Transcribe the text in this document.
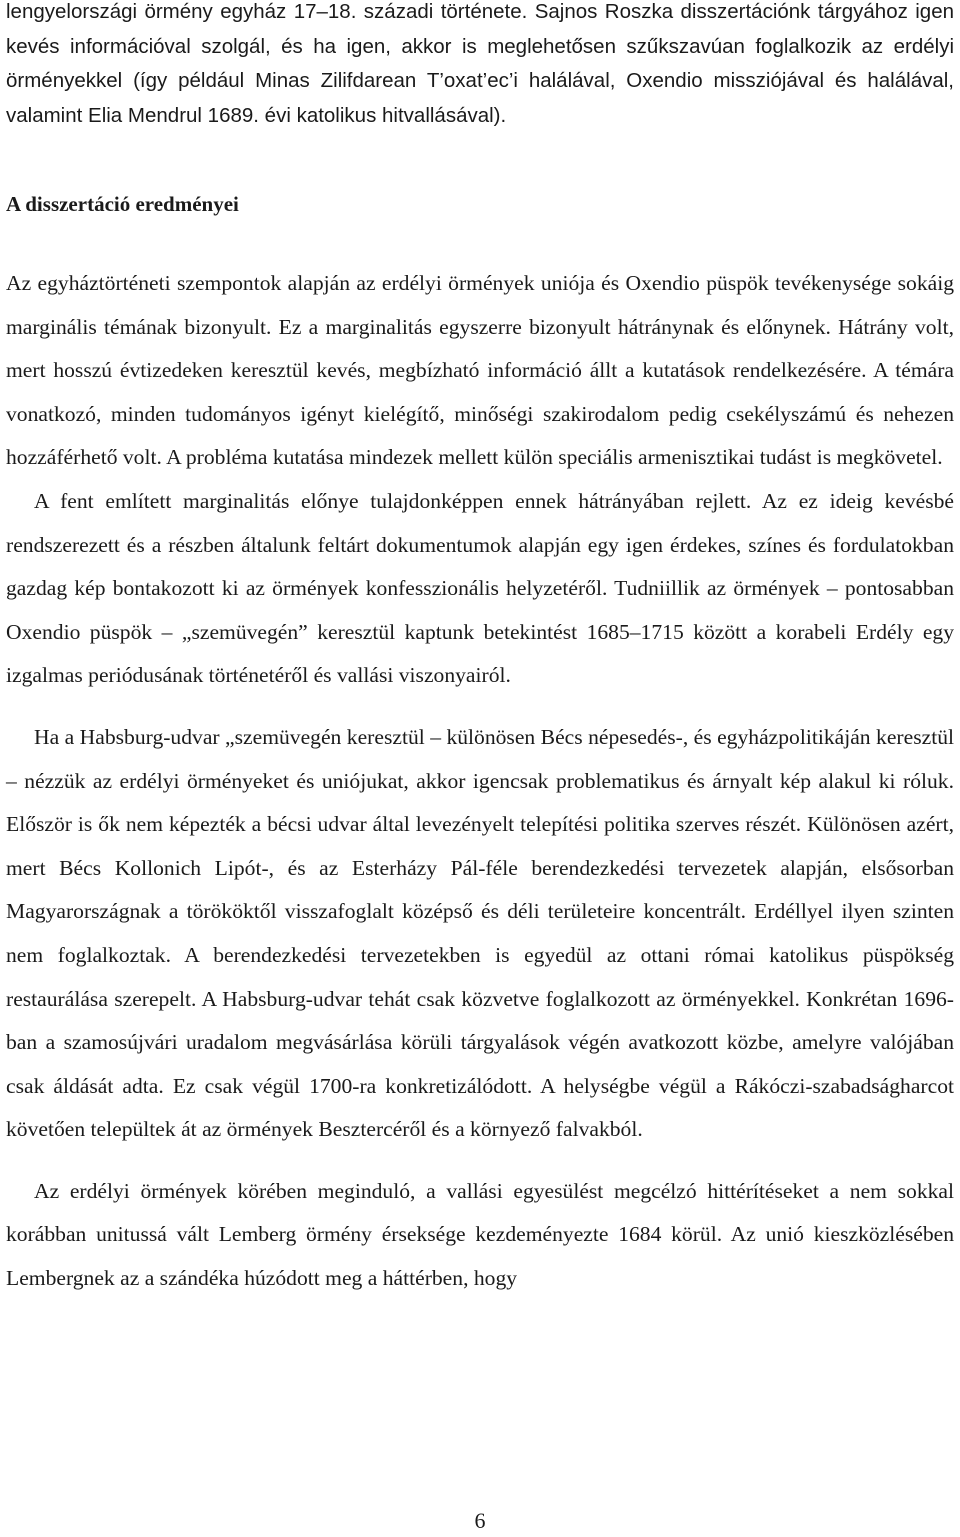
lengyelországi örmény egyház 17–18. századi története. Sajnos Roszka disszertációnk tárgyához igen kevés információval szolgál, és ha igen, akkor is meglehetősen szűkszavúan foglalkozik az erdélyi örményekkel (így például Minas Zilifdarean T’oxat’ec’i halálával, Oxendio missziójával és halálával, valamint Elia Mendrul 1689. évi katolikus hitvallásával).

A disszertáció eredményei

Az egyháztörténeti szempontok alapján az erdélyi örmények uniója és Oxendio püspök tevékenysége sokáig marginális témának bizonyult. Ez a marginalitás egyszerre bizonyult hátránynak és előnynek. Hátrány volt, mert hosszú évtizedeken keresztül kevés, megbízható információ állt a kutatások rendelkezésére. A témára vonatkozó, minden tudományos igényt kielégítő, minőségi szakirodalom pedig csekélyszámú és nehezen hozzáférhető volt. A probléma kutatása mindezek mellett külön speciális armenisztikai tudást is megkövetel.

A fent említett marginalitás előnye tulajdonképpen ennek hátrányában rejlett. Az ez ideig kevésbé rendszerezett és a részben általunk feltárt dokumentumok alapján egy igen érdekes, színes és fordulatokban gazdag kép bontakozott ki az örmények konfesszionális helyzetéről. Tudniillik az örmények – pontosabban Oxendio püspök – „szemüvegén” keresztül kaptunk betekintést 1685–1715 között a korabeli Erdély egy izgalmas periódusának történetéről és vallási viszonyairól.

Ha a Habsburg-udvar „szemüvegén keresztül – különösen Bécs népesedés-, és egyházpolitikáján keresztül – nézzük az erdélyi örményeket és uniójukat, akkor igencsak problematikus és árnyalt kép alakul ki róluk. Először is ők nem képezték a bécsi udvar által levezényelt telepítési politika szerves részét. Különösen azért, mert Bécs Kollonich Lipót-, és az Esterházy Pál-féle berendezkedési tervezetek alapján, elsősorban Magyarországnak a törököktől visszafoglalt középső és déli területeire koncentrált. Erdéllyel ilyen szinten nem foglalkoztak. A berendezkedési tervezetekben is egyedül az ottani római katolikus püspökség restaurálása szerepelt. A Habsburg-udvar tehát csak közvetve foglalkozott az örményekkel. Konkrétan 1696-ban a szamosújvári uradalom megvásárlása körüli tárgyalások végén avatkozott közbe, amelyre valójában csak áldását adta. Ez csak végül 1700-ra konkretizálódott. A helységbe végül a Rákóczi-szabadságharcot követően települtek át az örmények Besztercéről és a környező falvakból.

Az erdélyi örmények körében meginduló, a vallási egyesülést megcélzó hittérítéseket a nem sokkal korábban unitussá vált Lemberg örmény érseksége kezdeményezte 1684 körül. Az unió kieszközlésében Lembergnek az a szándéka húzódott meg a háttérben, hogy

6
